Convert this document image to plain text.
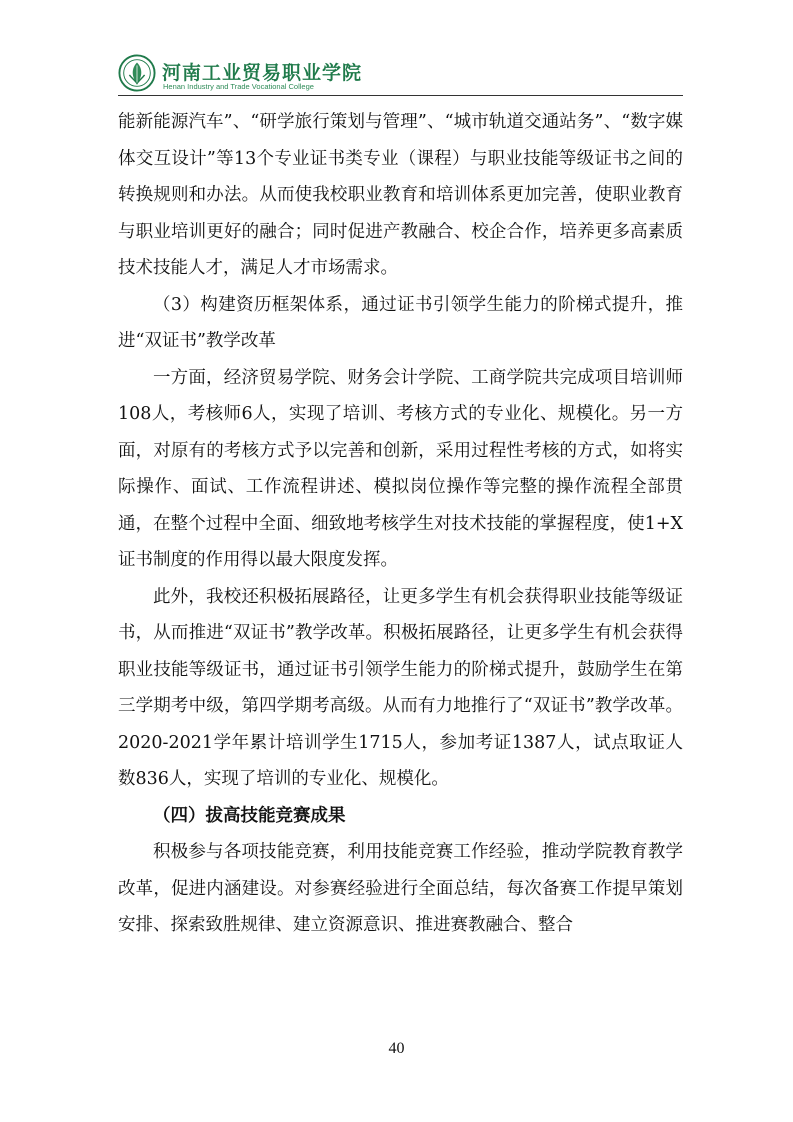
河南工业贸易职业学院
Henan Industry and Trade Vocational College

能新能源汽车”、“研学旅行策划与管理”、“城市轨道交通站务”、“数字媒体交互设计”等13个专业证书类专业（课程）与职业技能等级证书之间的转换规则和办法。从而使我校职业教育和培训体系更加完善，使职业教育与职业培训更好的融合；同时促进产教融合、校企合作，培养更多高素质技术技能人才，满足人才市场需求。

（3）构建资历框架体系，通过证书引领学生能力的阶梯式提升，推进“双证书”教学改革

一方面，经济贸易学院、财务会计学院、工商学院共完成项目培训师108人，考核师6人，实现了培训、考核方式的专业化、规模化。另一方面，对原有的考核方式予以完善和创新，采用过程性考核的方式，如将实际操作、面试、工作流程讲述、模拟岗位操作等完整的操作流程全部贯通，在整个过程中全面、细致地考核学生对技术技能的掌握程度，使1+X证书制度的作用得以最大限度发挥。

此外，我校还积极拓展路径，让更多学生有机会获得职业技能等级证书，从而推进“双证书”教学改革。积极拓展路径，让更多学生有机会获得职业技能等级证书，通过证书引领学生能力的阶梯式提升，鼓励学生在第三学期考中级，第四学期考高级。从而有力地推行了“双证书”教学改革。2020-2021学年累计培训学生1715人，参加考证1387人，试点取证人数836人，实现了培训的专业化、规模化。

（四）拔高技能竞赛成果

积极参与各项技能竞赛，利用技能竞赛工作经验，推动学院教育教学改革，促进内涵建设。对参赛经验进行全面总结，每次备赛工作提早策划安排、探索致胜规律、建立资源意识、推进赛教融合、整合

40
